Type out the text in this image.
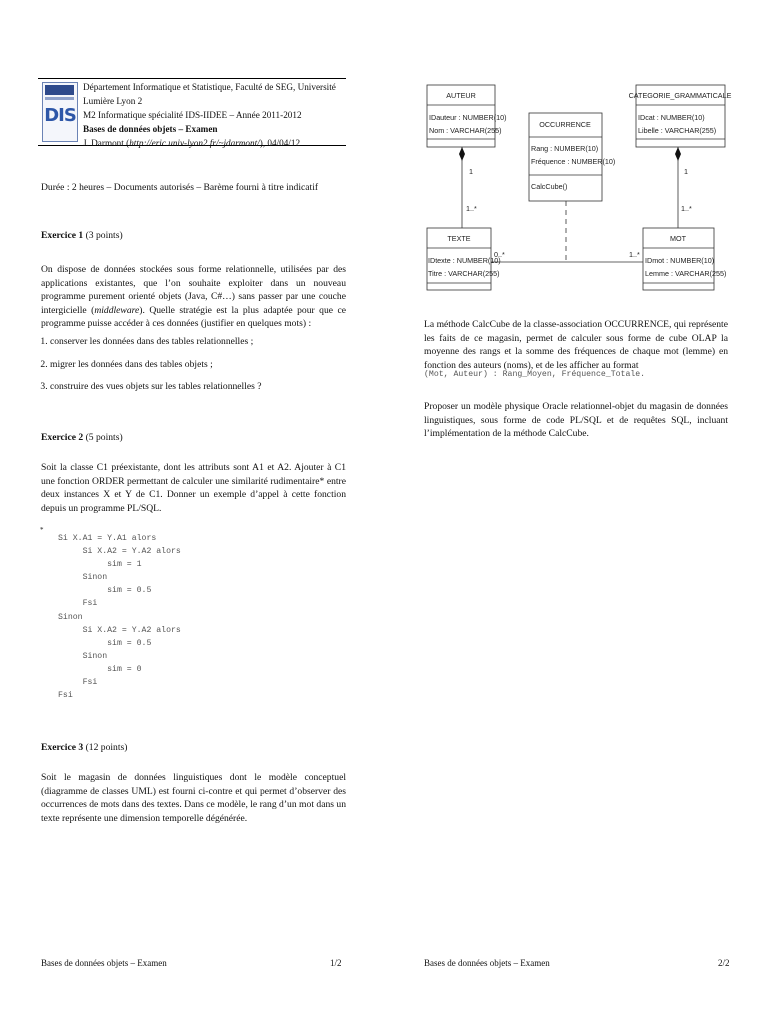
DIS
Département Informatique et Statistique, Faculté de SEG, Université Lumière Lyon 2
M2 Informatique spécialité IDS-IIDEE – Année 2011-2012
Bases de données objets – Examen
J. Darmont (http://eric.univ-lyon2.fr/~jdarmont/), 04/04/12
Durée : 2 heures – Documents autorisés – Barème fourni à titre indicatif
Exercice 1 (3 points)
On dispose de données stockées sous forme relationnelle, utilisées par des applications existantes, que l’on souhaite exploiter dans un nouveau programme purement orienté objets (Java, C#…) sans passer par une couche intergicielle (middleware). Quelle stratégie est la plus adaptée pour que ce programme puisse accéder à ces données (justifier en quelques mots) :
1. conserver les données dans des tables relationnelles ;
2. migrer les données dans des tables objets ;
3. construire des vues objets sur les tables relationnelles ?
Exercice 2 (5 points)
Soit la classe C1 préexistante, dont les attributs sont A1 et A2. Ajouter à C1 une fonction ORDER permettant de calculer une similarité rudimentaire* entre deux instances X et Y de C1. Donner un exemple d’appel à cette fonction depuis un programme PL/SQL.
*
Si X.A1 = Y.A1 alors
Si X.A2 = Y.A2 alors
sim = 1
Sinon
sim = 0.5
Fsi
Sinon
Si X.A2 = Y.A2 alors
sim = 0.5
Sinon
sim = 0
Fsi
Fsi
Exercice 3 (12 points)
Soit le magasin de données linguistiques dont le modèle conceptuel (diagramme de classes UML) est fourni ci-contre et qui permet d’observer des occurrences de mots dans des textes. Dans ce modèle, le rang d’un mot dans un texte représente une dimension temporelle dégénérée.
Bases de données objets – Examen	1/2
AUTEUR
IDauteur : NUMBER(10)
Nom : VARCHAR(255)
OCCURRENCE
Rang : NUMBER(10)
Fréquence : NUMBER(10)
CalcCube()
CATEGORIE_GRAMMATICALE
IDcat : NUMBER(10)
Libelle : VARCHAR(255)
TEXTE
IDtexte : NUMBER(10)
Titre : VARCHAR(255)
MOT
IDmot : NUMBER(10)
Lemme : VARCHAR(255)
1
1..*
1
1..*
0..*	1..*
La méthode CalcCube de la classe-association OCCURRENCE, qui représente les faits de ce magasin, permet de calculer sous forme de cube OLAP la moyenne des rangs et la somme des fréquences de chaque mot (lemme) en fonction des auteurs (noms), et de les afficher au format
(Mot, Auteur) : Rang_Moyen, Fréquence_Totale.
Proposer un modèle physique Oracle relationnel-objet du magasin de données linguistiques, sous forme de code PL/SQL et de requêtes SQL, incluant l’implémentation de la méthode CalcCube.
Bases de données objets – Examen	2/2
